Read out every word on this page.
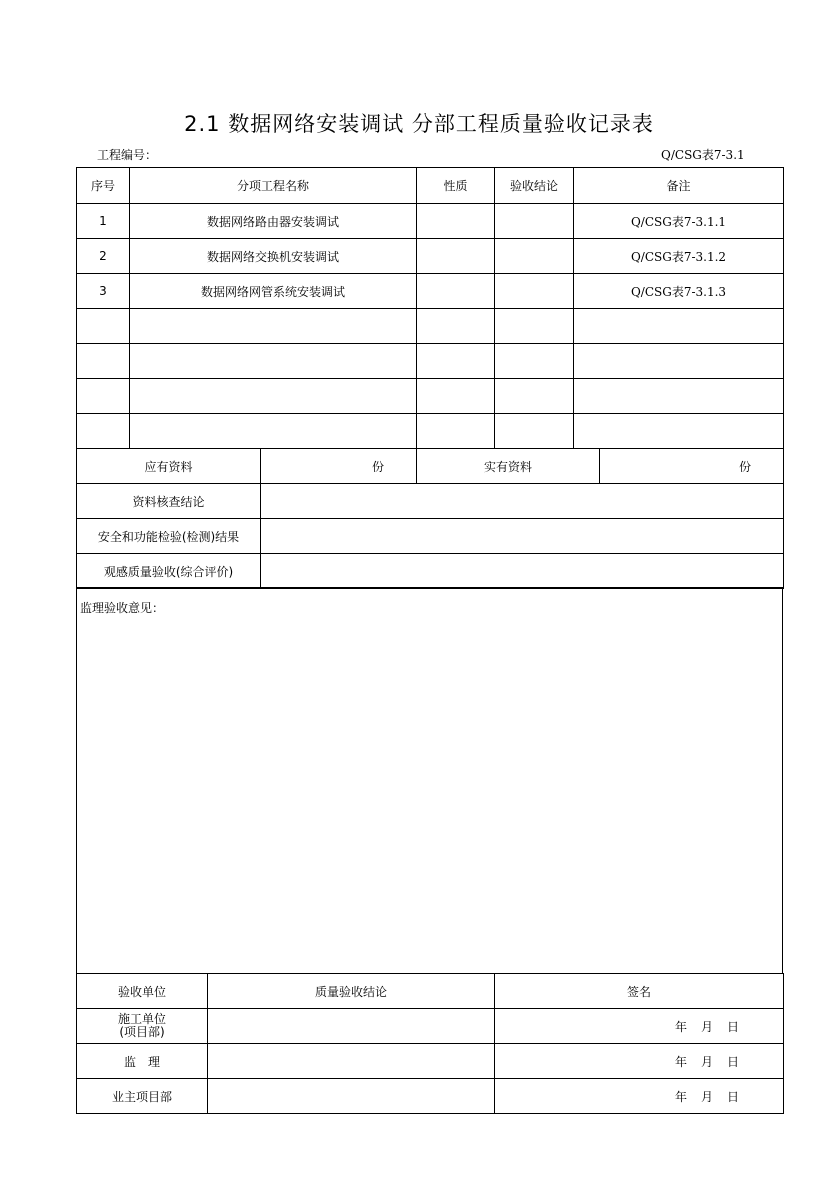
2.1 数据网络安装调试 分部工程质量验收记录表
工程编号：	Q/CSG表7-3.1
序号	分项工程名称	性质	验收结论	备注
1	数据网络路由器安装调试			Q/CSG表7-3.1.1
2	数据网络交换机安装调试			Q/CSG表7-3.1.2
3	数据网络网管系统安装调试			Q/CSG表7-3.1.3

应有资料	份	实有资料	份
资料核查结论	
安全和功能检验(检测)结果	
观感质量验收(综合评价)	
监理验收意见：
验收单位	质量验收结论	签名

施工单位
(项目部)		年 月 日
监　理		年 月 日
业主项目部		年 月 日
